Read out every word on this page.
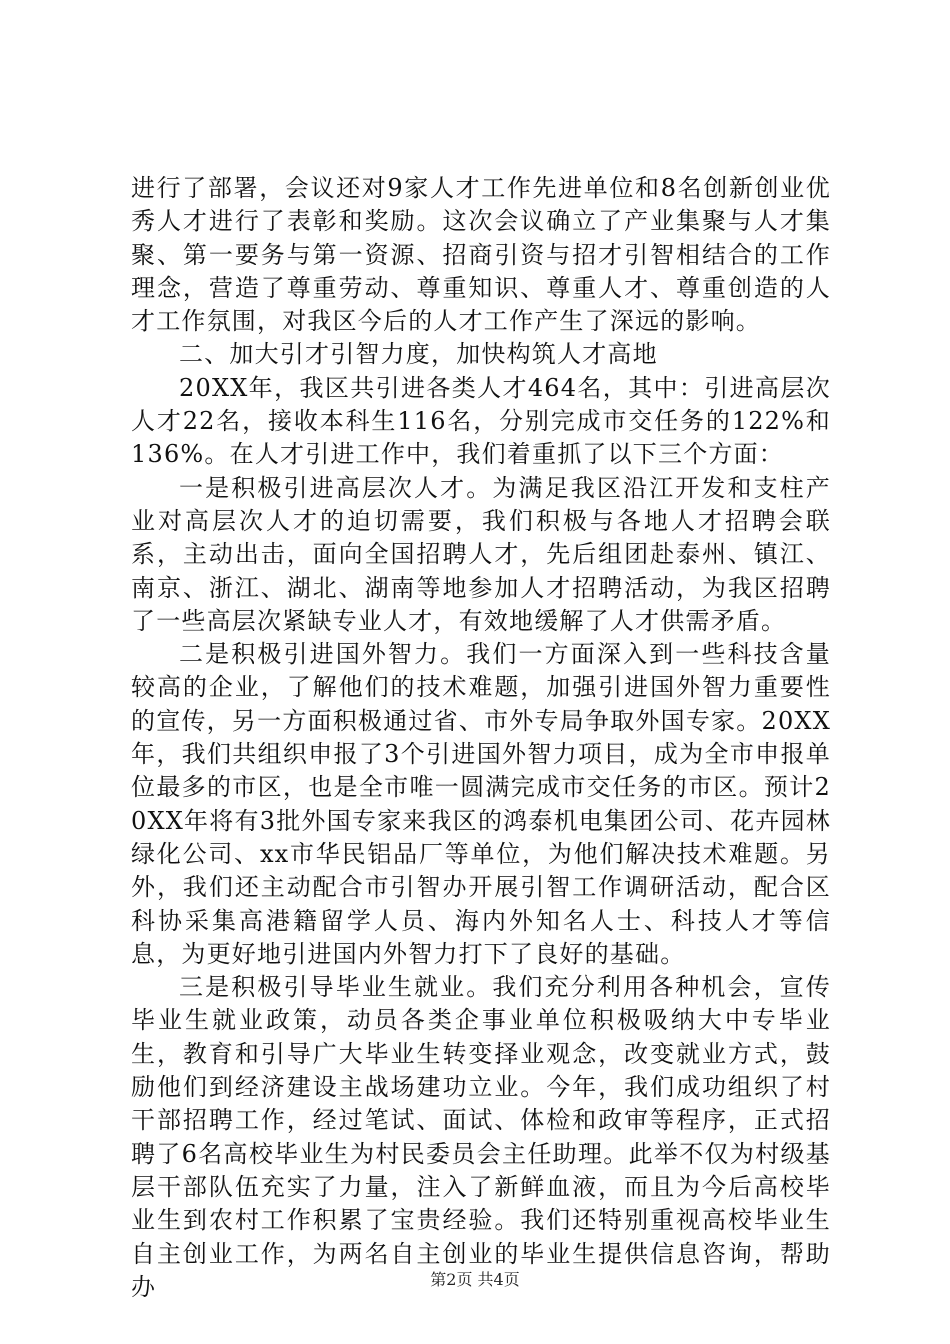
进行了部署，会议还对9家人才工作先进单位和8名创新创业优秀人才进行了表彰和奖励。这次会议确立了产业集聚与人才集聚、第一要务与第一资源、招商引资与招才引智相结合的工作理念，营造了尊重劳动、尊重知识、尊重人才、尊重创造的人才工作氛围，对我区今后的人才工作产生了深远的影响。

二、加大引才引智力度，加快构筑人才高地

20XX年，我区共引进各类人才464名，其中：引进高层次人才22名，接收本科生116名，分别完成市交任务的122%和136%。在人才引进工作中，我们着重抓了以下三个方面：

一是积极引进高层次人才。为满足我区沿江开发和支柱产业对高层次人才的迫切需要，我们积极与各地人才招聘会联系，主动出击，面向全国招聘人才，先后组团赴泰州、镇江、南京、浙江、湖北、湖南等地参加人才招聘活动，为我区招聘了一些高层次紧缺专业人才，有效地缓解了人才供需矛盾。

二是积极引进国外智力。我们一方面深入到一些科技含量较高的企业，了解他们的技术难题，加强引进国外智力重要性的宣传，另一方面积极通过省、市外专局争取外国专家。20XX年，我们共组织申报了3个引进国外智力项目，成为全市申报单位最多的市区，也是全市唯一圆满完成市交任务的市区。预计20XX年将有3批外国专家来我区的鸿泰机电集团公司、花卉园林绿化公司、xx市华民铝品厂等单位，为他们解决技术难题。另外，我们还主动配合市引智办开展引智工作调研活动，配合区科协采集高港籍留学人员、海内外知名人士、科技人才等信息，为更好地引进国内外智力打下了良好的基础。

三是积极引导毕业生就业。我们充分利用各种机会，宣传毕业生就业政策，动员各类企事业单位积极吸纳大中专毕业生，教育和引导广大毕业生转变择业观念，改变就业方式，鼓励他们到经济建设主战场建功立业。今年，我们成功组织了村干部招聘工作，经过笔试、面试、体检和政审等程序，正式招聘了6名高校毕业生为村民委员会主任助理。此举不仅为村级基层干部队伍充实了力量，注入了新鲜血液，而且为今后高校毕业生到农村工作积累了宝贵经验。我们还特别重视高校毕业生自主创业工作，为两名自主创业的毕业生提供信息咨询，帮助办	第2页 共4页
